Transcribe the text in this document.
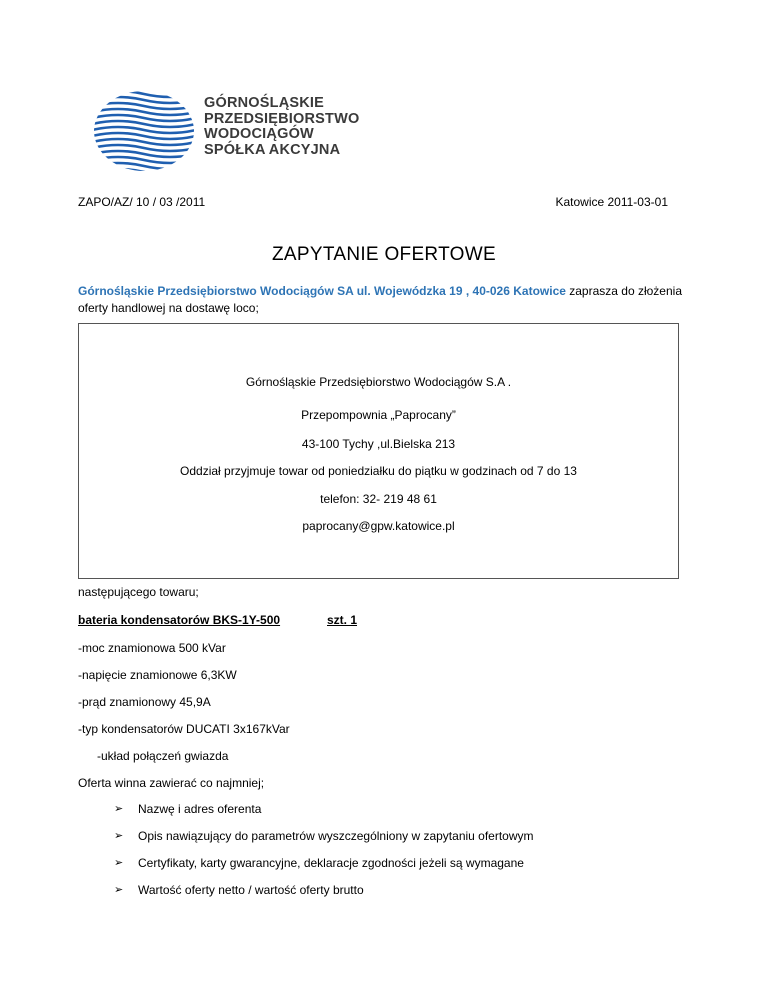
GÓRNOŚLĄSKIE
PRZEDSIĘBIORSTWO
WODOCIĄGÓW
SPÓŁKA AKCYJNA
ZAPO/AZ/ 10 / 03 /2011	Katowice 2011-03-01
ZAPYTANIE OFERTOWE
Górnośląskie Przedsiębiorstwo Wodociągów SA ul. Wojewódzka 19 , 40-026 Katowice zaprasza do złożenia oferty handlowej na dostawę loco;
Górnośląskie Przedsiębiorstwo Wodociągów S.A .
Przepompownia „Paprocany”
43-100 Tychy ,ul.Bielska 213
Oddział przyjmuje towar od poniedziałku do piątku w godzinach od 7 do 13
telefon: 32- 219 48 61
paprocany@gpw.katowice.pl
następującego towaru;
bateria kondensatorów BKS-1Y-500	szt. 1
-moc znamionowa 500 kVar
-napięcie znamionowe 6,3KW
-prąd znamionowy 45,9A
-typ kondensatorów DUCATI 3x167kVar
-układ połączeń gwiazda
Oferta winna zawierać co najmniej;
➢ Nazwę i adres oferenta
➢ Opis nawiązujący do parametrów wyszczególniony w zapytaniu ofertowym
➢ Certyfikaty, karty gwarancyjne, deklaracje zgodności jeżeli są wymagane
➢ Wartość oferty netto / wartość oferty brutto
